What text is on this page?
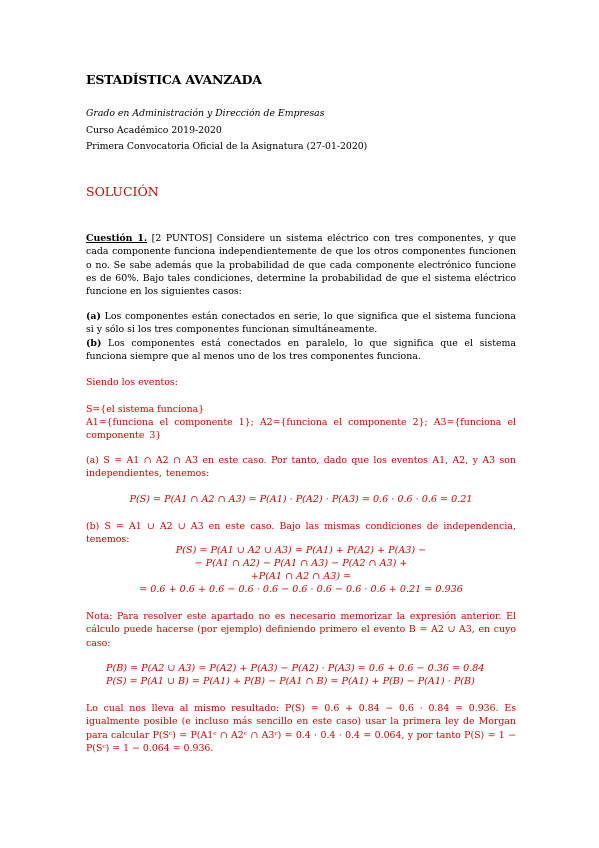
ESTADÍSTICA AVANZADA
Grado en Administración y Dirección de Empresas
Curso Académico 2019-2020
Primera Convocatoria Oficial de la Asignatura (27-01-2020)
SOLUCIÓN
Cuestión 1. [2 PUNTOS] Considere un sistema eléctrico con tres componentes, y que cada componente funciona independientemente de que los otros componentes funcionen o no. Se sabe además que la probabilidad de que cada componente electrónico funcione es de 60%. Bajo tales condiciones, determine la probabilidad de que el sistema eléctrico funcione en los siguientes casos:
(a) Los componentes están conectados en serie, lo que significa que el sistema funciona si y sólo si los tres componentes funcionan simultáneamente.
(b) Los componentes está conectados en paralelo, lo que significa que el sistema funciona siempre que al menos uno de los tres componentes funciona.
Siendo los eventos:
S={el sistema funciona}
A1={funciona el componente 1}; A2={funciona el componente 2}; A3={funciona el componente 3}
(a) S = A1 ∩ A2 ∩ A3 en este caso. Por tanto, dado que los eventos A1, A2, y A3 son independientes, tenemos:
P(S) = P(A1 ∩ A2 ∩ A3) = P(A1) · P(A2) · P(A3) = 0.6 · 0.6 · 0.6 = 0.21
(b) S = A1 ∪ A2 ∪ A3 en este caso. Bajo las mismas condiciones de independencia, tenemos:
P(S) = P(A1 ∪ A2 ∪ A3) = P(A1) + P(A2) + P(A3) −
− P(A1 ∩ A2) − P(A1 ∩ A3) − P(A2 ∩ A3) +
+P(A1 ∩ A2 ∩ A3) =
= 0.6 + 0.6 + 0.6 − 0.6 · 0.6 − 0.6 · 0.6 − 0.6 · 0.6 + 0.21 = 0.936
Nota: Para resolver este apartado no es necesario memorizar la expresión anterior. El cálculo puede hacerse (por ejemplo) definiendo primero el evento B = A2 ∪ A3, en cuyo caso:
P(B) = P(A2 ∪ A3) = P(A2) + P(A3) − P(A2) · P(A3) = 0.6 + 0.6 − 0.36 = 0.84
P(S) = P(A1 ∪ B) = P(A1) + P(B) − P(A1 ∩ B) = P(A1) + P(B) − P(A1) · P(B)
Lo cual nos lleva al mismo resultado: P(S) = 0.6 + 0.84 − 0.6 · 0.84 = 0.936. Es igualmente posible (e incluso más sencillo en este caso) usar la primera ley de Morgan para calcular P(Sᶜ) = P(A1ᶜ ∩ A2ᶜ ∩ A3ᶜ) = 0.4 · 0.4 · 0.4 = 0.064, y por tanto P(S) = 1 − P(Sᶜ) = 1 − 0.064 = 0.936.
